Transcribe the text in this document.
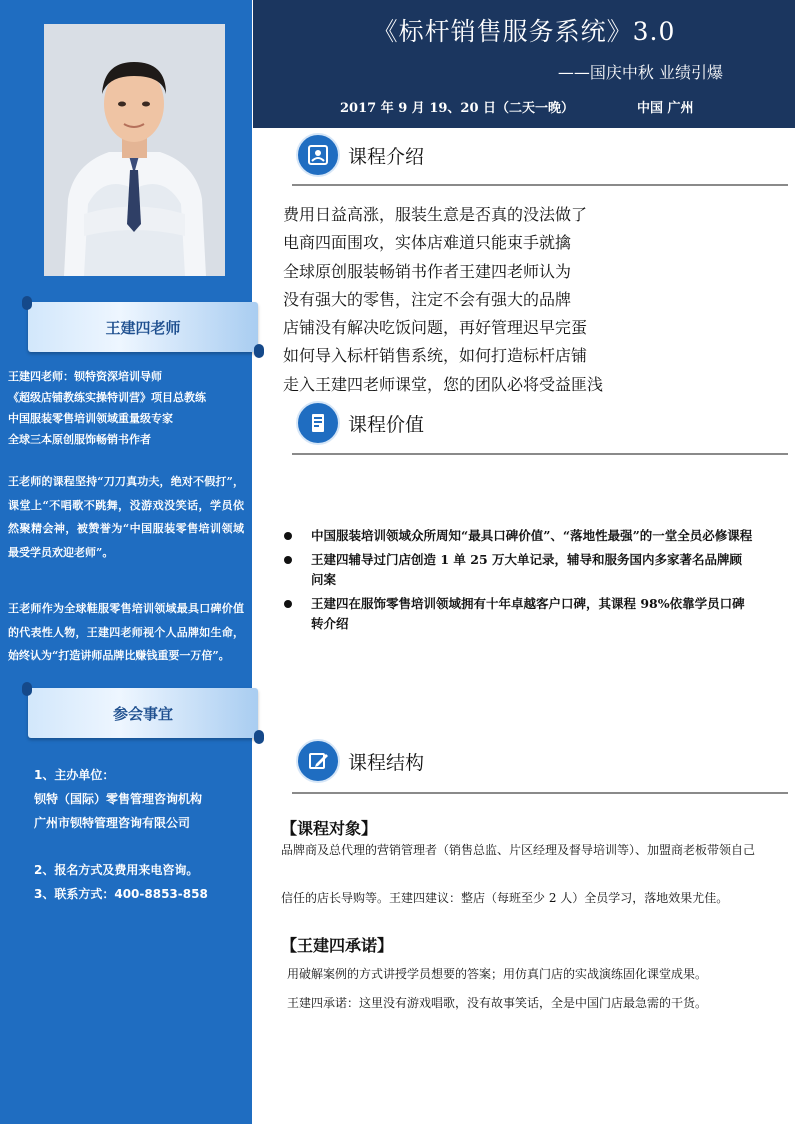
王建四老师
王建四老师：钡特资深培训导师
《超级店铺教练实操特训营》项目总教练
中国服装零售培训领域重量级专家
全球三本原创服饰畅销书作者
王老师的课程坚持“刀刀真功夫，绝对不假打”，课堂上“不唱歌不跳舞，没游戏没笑话，学员依然聚精会神，被赞誉为“中国服装零售培训领域最受学员欢迎老师”。
王老师作为全球鞋服零售培训领域最具口碑价值的代表性人物，王建四老师视个人品牌如生命，始终认为“打造讲师品牌比赚钱重要一万倍”。
参会事宜
1、主办单位：
钡特（国际）零售管理咨询机构
广州市钡特管理咨询有限公司
2、报名方式及费用来电咨询。
3、联系方式：400-8853-858
《标杆销售服务系统》3.0
——国庆中秋 业绩引爆
2017 年 9 月 19、20 日（二天一晚）	中国 广州
课程介绍
费用日益高涨，服装生意是否真的没法做了
电商四面围攻，实体店难道只能束手就擒
全球原创服装畅销书作者王建四老师认为
没有强大的零售，注定不会有强大的品牌
店铺没有解决吃饭问题，再好管理迟早完蛋
如何导入标杆销售系统，如何打造标杆店铺
走入王建四老师课堂，您的团队必将受益匪浅
课程价值
中国服装培训领域众所周知“最具口碑价值”、“落地性最强”的一堂全员必修课程
王建四辅导过门店创造 1 单 25 万大单记录，辅导和服务国内多家著名品牌顾问案
王建四在服饰零售培训领域拥有十年卓越客户口碑，其课程 98%依靠学员口碑转介绍
课程结构
【课程对象】
品牌商及总代理的营销管理者（销售总监、片区经理及督导培训等）、加盟商老板带领自己
信任的店长导购等。王建四建议：整店（每班至少 2 人）全员学习，落地效果尤佳。
【王建四承诺】
用破解案例的方式讲授学员想要的答案；用仿真门店的实战演练固化课堂成果。
王建四承诺：这里没有游戏唱歌，没有故事笑话，全是中国门店最急需的干货。
